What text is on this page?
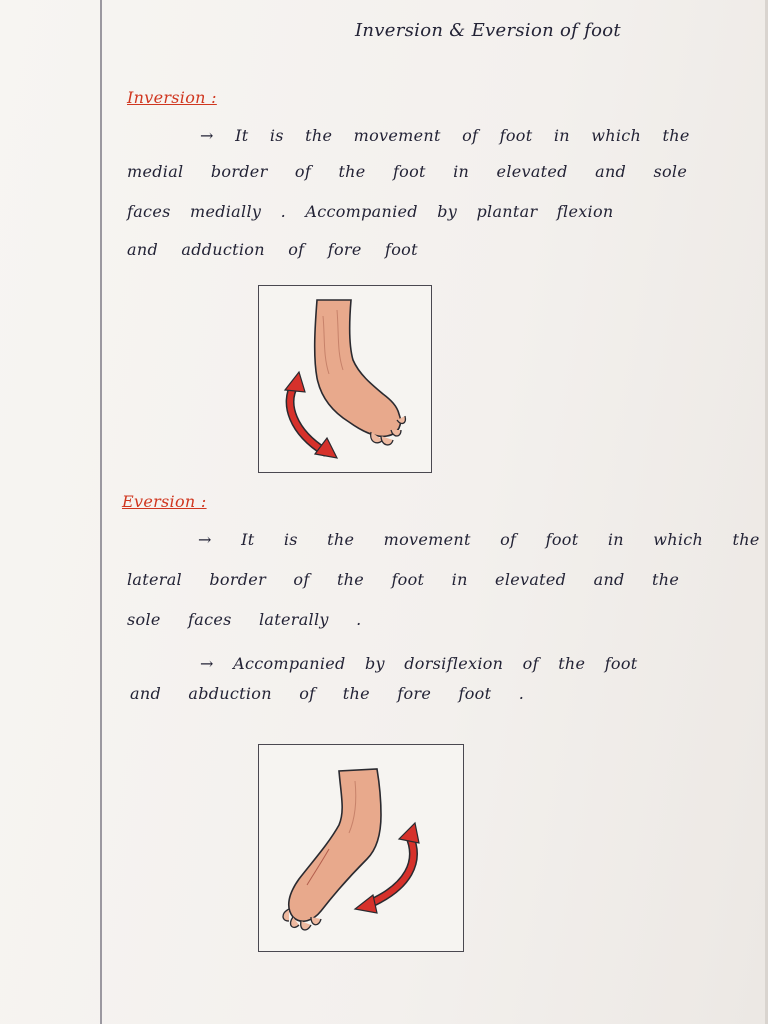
Inversion & Eversion of foot
Inversion :
→ It is the movement of foot in which the
medial border of the foot in elevated and sole
faces medially . Accompanied by plantar flexion
and adduction of fore foot
Eversion :
→ It is the movement of foot in which the
lateral border of the foot in elevated and the
sole faces laterally .
→ Accompanied by dorsiflexion of the foot
and abduction of the fore foot .
